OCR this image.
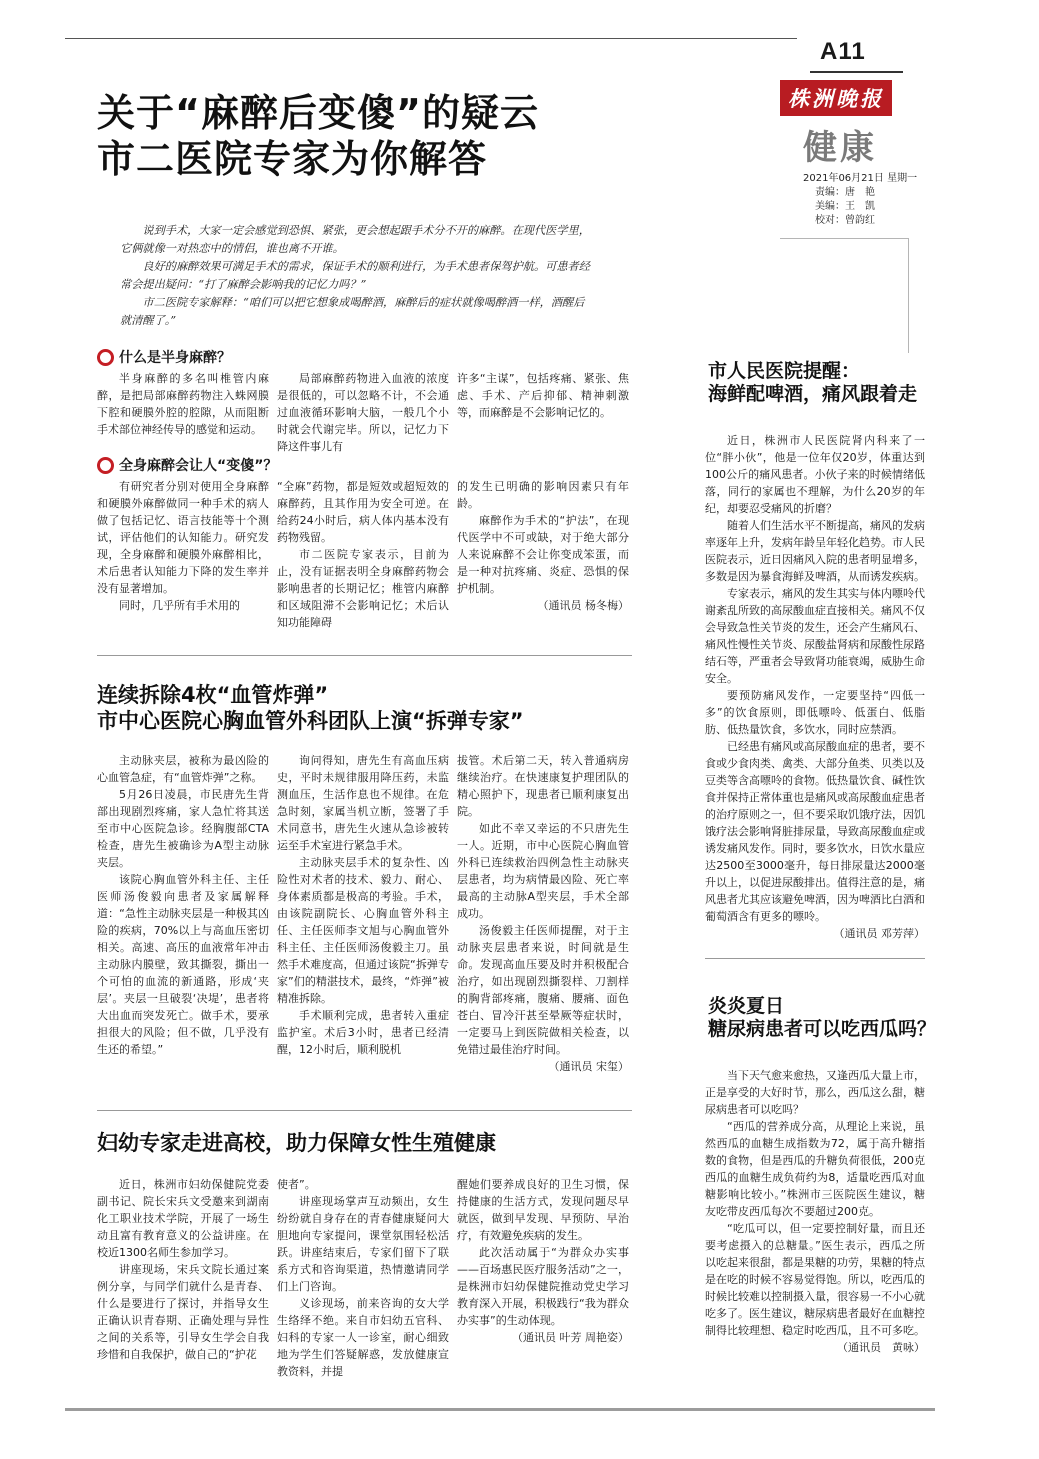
A11
株洲晚报
健康
2021年06月21日 星期一
责编：唐　艳
美编：王　凯
校对：曾韵红
关于“麻醉后变傻”的疑云
市二医院专家为你解答

说到手术，大家一定会感觉到恐惧、紧张，更会想起跟手术分不开的麻醉。在现代医学里，它俩就像一对热恋中的情侣，谁也离不开谁。

良好的麻醉效果可满足手术的需求，保证手术的顺利进行，为手术患者保驾护航。可患者经常会提出疑问：“打了麻醉会影响我的记忆力吗？”

市二医院专家解释：“咱们可以把它想象成喝醉酒，麻醉后的症状就像喝醉酒一样，酒醒后就清醒了。”

什么是半身麻醉？

半身麻醉的多名叫椎管内麻醉，是把局部麻醉药物注入蛛网膜下腔和硬膜外腔的腔隙，从而阻断手术部位神经传导的感觉和运动。

局部麻醉药物进入血液的浓度是很低的，可以忽略不计，不会通过血液循环影响大脑，一般几个小时就会代谢完毕。所以，记忆力下降这件事儿有

许多“主谋”，包括疼痛、紧张、焦虑、手术、产后抑郁、精神刺激等，而麻醉是不会影响记忆的。

全身麻醉会让人“变傻”？

有研究者分别对使用全身麻醉和硬膜外麻醉做同一种手术的病人做了包括记忆、语言技能等十个测试，评估他们的认知能力。研究发现，全身麻醉和硬膜外麻醉相比，术后患者认知能力下降的发生率并没有显著增加。

同时，几乎所有手术用的

“全麻”药物，都是短效或超短效的麻醉药，且其作用为安全可逆。在给药24小时后，病人体内基本没有药物残留。

市二医院专家表示，目前为止，没有证据表明全身麻醉药物会影响患者的长期记忆；椎管内麻醉和区域阻滞不会影响记忆；术后认知功能障碍

的发生已明确的影响因素只有年龄。

麻醉作为手术的“护法”，在现代医学中不可或缺，对于绝大部分人来说麻醉不会让你变成笨蛋，而是一种对抗疼痛、炎症、恐惧的保护机制。

（通讯员 杨冬梅）
连续拆除4枚“血管炸弹”
市中心医院心胸血管外科团队上演“拆弹专家”

主动脉夹层，被称为最凶险的心血管急症，有“血管炸弹”之称。

5月26日凌晨，市民唐先生背部出现剧烈疼痛，家人急忙将其送至市中心医院急诊。经胸腹部CTA检查，唐先生被确诊为A型主动脉夹层。

该院心胸血管外科主任、主任医师汤俊毅向患者及家属解释道：“急性主动脉夹层是一种极其凶险的疾病，70%以上与高血压密切相关。高速、高压的血液常年冲击主动脉内膜壁，致其撕裂，撕出一个可怕的血流的新通路，形成‘夹层’。夹层一旦破裂‘决堤’，患者将大出血而突发死亡。做手术，要承担很大的风险；但不做，几乎没有生还的希望。”

询问得知，唐先生有高血压病史，平时未规律服用降压药，未监测血压，生活作息也不规律。在危急时刻，家属当机立断，签署了手术同意书，唐先生火速从急诊被转运至手术室进行紧急手术。

主动脉夹层手术的复杂性、凶险性对术者的技术、毅力、耐心、身体素质都是极高的考验。手术，由该院副院长、心胸血管外科主任、主任医师李文旭与心胸血管外科主任、主任医师汤俊毅主刀。虽然手术难度高，但通过该院“拆弹专家”们的精湛技术，最终，“炸弹”被精准拆除。

手术顺利完成，患者转入重症监护室。术后3小时，患者已经清醒，12小时后，顺利脱机

拔管。术后第二天，转入普通病房继续治疗。在快速康复护理团队的精心照护下，现患者已顺利康复出院。

如此不幸又幸运的不只唐先生一人。近期，市中心医院心胸血管外科已连续救治四例急性主动脉夹层患者，均为病情最凶险、死亡率最高的主动脉A型夹层，手术全部成功。

汤俊毅主任医师提醒，对于主动脉夹层患者来说，时间就是生命。发现高血压要及时并积极配合治疗，如出现剧烈撕裂样、刀割样的胸背部疼痛，腹痛、腰痛、面色苍白、冒冷汗甚至晕厥等症状时，一定要马上到医院做相关检查，以免错过最佳治疗时间。

（通讯员 宋玺）
妇幼专家走进高校，助力保障女性生殖健康

近日，株洲市妇幼保健院党委副书记、院长宋兵文受邀来到湖南化工职业技术学院，开展了一场生动且富有教育意义的公益讲座。在校近1300名师生参加学习。

讲座现场，宋兵文院长通过案例分享，与同学们就什么是青春、什么是要进行了探讨，并指导女生正确认识青春期、正确处理与异性之间的关系等，引导女生学会自我珍惜和自我保护，做自己的“护花

使者”。

讲座现场掌声互动频出，女生纷纷就自身存在的青春健康疑问大胆地向专家提问，课堂氛围轻松活跃。讲座结束后，专家们留下了联系方式和咨询渠道，热情邀请同学们上门咨询。

义诊现场，前来咨询的女大学生络绎不绝。来自市妇幼五官科、妇科的专家一人一诊室，耐心细致地为学生们答疑解惑，发放健康宣教资料，并提

醒她们要养成良好的卫生习惯，保持健康的生活方式，发现问题尽早就医，做到早发现、早预防、早治疗，有效避免疾病的发生。

此次活动属于“为群众办实事——百场惠民医疗服务活动”之一，是株洲市妇幼保健院推动党史学习教育深入开展，积极践行“我为群众办实事”的生动体现。

（通讯员 叶芳 周艳姿）
市人民医院提醒：
海鲜配啤酒，痛风跟着走

近日，株洲市人民医院肾内科来了一位“胖小伙”，他是一位年仅20岁，体重达到100公斤的痛风患者。小伙子来的时候情绪低落，同行的家属也不理解，为什么20岁的年纪，却要忍受痛风的折磨？

随着人们生活水平不断提高，痛风的发病率逐年上升，发病年龄呈年轻化趋势。市人民医院表示，近日因痛风入院的患者明显增多，多数是因为暴食海鲜及啤酒，从而诱发疾病。

专家表示，痛风的发生其实与体内嘌呤代谢紊乱所致的高尿酸血症直接相关。痛风不仅会导致急性关节炎的发生，还会产生痛风石、痛风性慢性关节炎、尿酸盐肾病和尿酸性尿路结石等，严重者会导致肾功能衰竭，威胁生命安全。

要预防痛风发作，一定要坚持“四低一多”的饮食原则，即低嘌呤、低蛋白、低脂肪、低热量饮食，多饮水，同时应禁酒。

已经患有痛风或高尿酸血症的患者，要不食或少食肉类、禽类、大部分鱼类、贝类以及豆类等含高嘌呤的食物。低热量饮食、碱性饮食并保持正常体重也是痛风或高尿酸血症患者的治疗原则之一，但不要采取饥饿疗法，因饥饿疗法会影响肾脏排尿量，导致高尿酸血症或诱发痛风发作。同时，要多饮水，日饮水量应达2500至3000毫升，每日排尿量达2000毫升以上，以促进尿酸排出。值得注意的是，痛风患者尤其应该避免啤酒，因为啤酒比白酒和葡萄酒含有更多的嘌呤。

（通讯员 邓芳萍）
炎炎夏日
糖尿病患者可以吃西瓜吗？

当下天气愈来愈热，又逢西瓜大量上市，正是享受的大好时节，那么，西瓜这么甜，糖尿病患者可以吃吗？

“西瓜的营养成分高，从理论上来说，虽然西瓜的血糖生成指数为72，属于高升糖指数的食物，但是西瓜的升糖负荷很低，200克西瓜的血糖生成负荷约为8，适量吃西瓜对血糖影响比较小。”株洲市三医院医生建议，糖友吃带皮西瓜每次不要超过200克。

“吃瓜可以，但一定要控制好量，而且还要考虑摄入的总糖量。”医生表示，西瓜之所以吃起来很甜，都是果糖的功劳，果糖的特点是在吃的时候不容易觉得饱。所以，吃西瓜的时候比较难以控制摄入量，很容易一不小心就吃多了。医生建议，糖尿病患者最好在血糖控制得比较理想、稳定时吃西瓜，且不可多吃。

（通讯员　黄咏）
